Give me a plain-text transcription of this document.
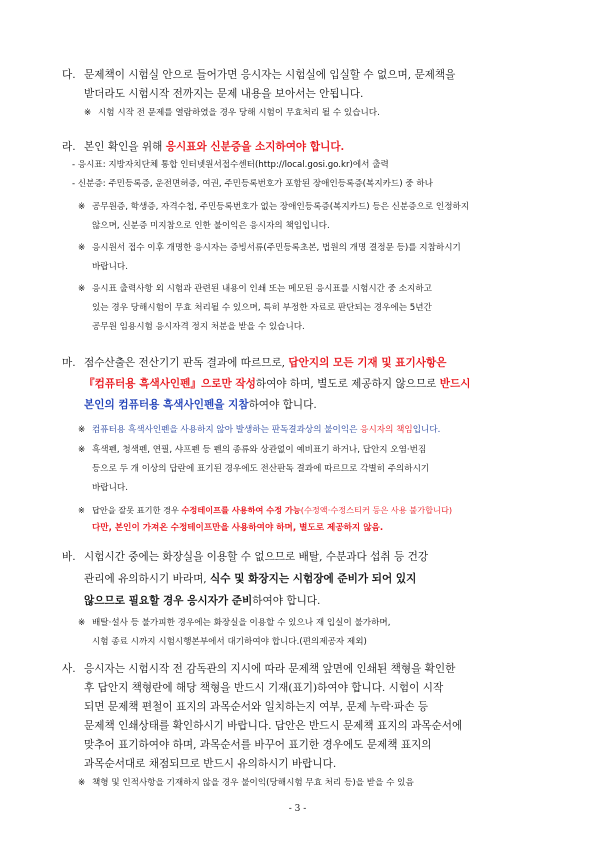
다. 문제책이 시험실 안으로 들어가면 응시자는 시험실에 입실할 수 없으며, 문제책을
받더라도 시험시작 전까지는 문제 내용을 보아서는 안됩니다.
※ 시험 시작 전 문제를 열람하였을 경우 당해 시험이 무효처리 될 수 있습니다.
라. 본인 확인을 위해 응시표와 신분증을 소지하여야 합니다.
- 응시표: 지방자치단체 통합 인터넷원서접수센터(http://local.gosi.go.kr)에서 출력
- 신분증: 주민등록증, 운전면허증, 여권, 주민등록번호가 포함된 장애인등록증(복지카드) 중 하나
※ 공무원증, 학생증, 자격수첩, 주민등록번호가 없는 장애인등록증(복지카드) 등은 신분증으로 인정하지
않으며, 신분증 미지참으로 인한 불이익은 응시자의 책임입니다.
※ 응시원서 접수 이후 개명한 응시자는 증빙서류(주민등록초본, 법원의 개명 결정문 등)를 지참하시기
바랍니다.
※ 응시표 출력사항 외 시험과 관련된 내용이 인쇄 또는 메모된 응시표를 시험시간 중 소지하고
있는 경우 당해시험이 무효 처리될 수 있으며, 특히 부정한 자료로 판단되는 경우에는 5년간
공무원 임용시험 응시자격 정지 처분을 받을 수 있습니다.
마. 점수산출은 전산기기 판독 결과에 따르므로, 답안지의 모든 기재 및 표기사항은
『컴퓨터용 흑색사인펜』으로만 작성하여야 하며, 별도로 제공하지 않으므로 반드시
본인의 컴퓨터용 흑색사인펜을 지참하여야 합니다.
※ 컴퓨터용 흑색사인펜을 사용하지 않아 발생하는 판독결과상의 불이익은 응시자의 책임입니다.
※ 흑색펜, 청색펜, 연필, 샤프펜 등 펜의 종류와 상관없이 예비표기 하거나, 답안지 오염·번짐
등으로 두 개 이상의 답란에 표기된 경우에도 전산판독 결과에 따르므로 각별히 주의하시기
바랍니다.
※ 답안을 잘못 표기한 경우 수정테이프를 사용하여 수정 가능(수정액·수정스티커 등은 사용 불가합니다)
다만, 본인이 가져온 수정테이프만을 사용하여야 하며, 별도로 제공하지 않음.
바. 시험시간 중에는 화장실을 이용할 수 없으므로 배탈, 수분과다 섭취 등 건강
관리에 유의하시기 바라며, 식수 및 화장지는 시험장에 준비가 되어 있지
않으므로 필요할 경우 응시자가 준비하여야 합니다.
※ 배탈·설사 등 불가피한 경우에는 화장실을 이용할 수 있으나 재 입실이 불가하며,
시험 종료 시까지 시험시행본부에서 대기하여야 합니다.(편의제공자 제외)
사. 응시자는 시험시작 전 감독관의 지시에 따라 문제책 앞면에 인쇄된 책형을 확인한
후 답안지 책형란에 해당 책형을 반드시 기재(표기)하여야 합니다. 시험이 시작
되면 문제책 편철이 표지의 과목순서와 일치하는지 여부, 문제 누락·파손 등
문제책 인쇄상태를 확인하시기 바랍니다. 답안은 반드시 문제책 표지의 과목순서에
맞추어 표기하여야 하며, 과목순서를 바꾸어 표기한 경우에도 문제책 표지의
과목순서대로 채점되므로 반드시 유의하시기 바랍니다.
※ 책형 및 인적사항을 기재하지 않을 경우 불이익(당해시험 무효 처리 등)을 받을 수 있음
- 3 -
